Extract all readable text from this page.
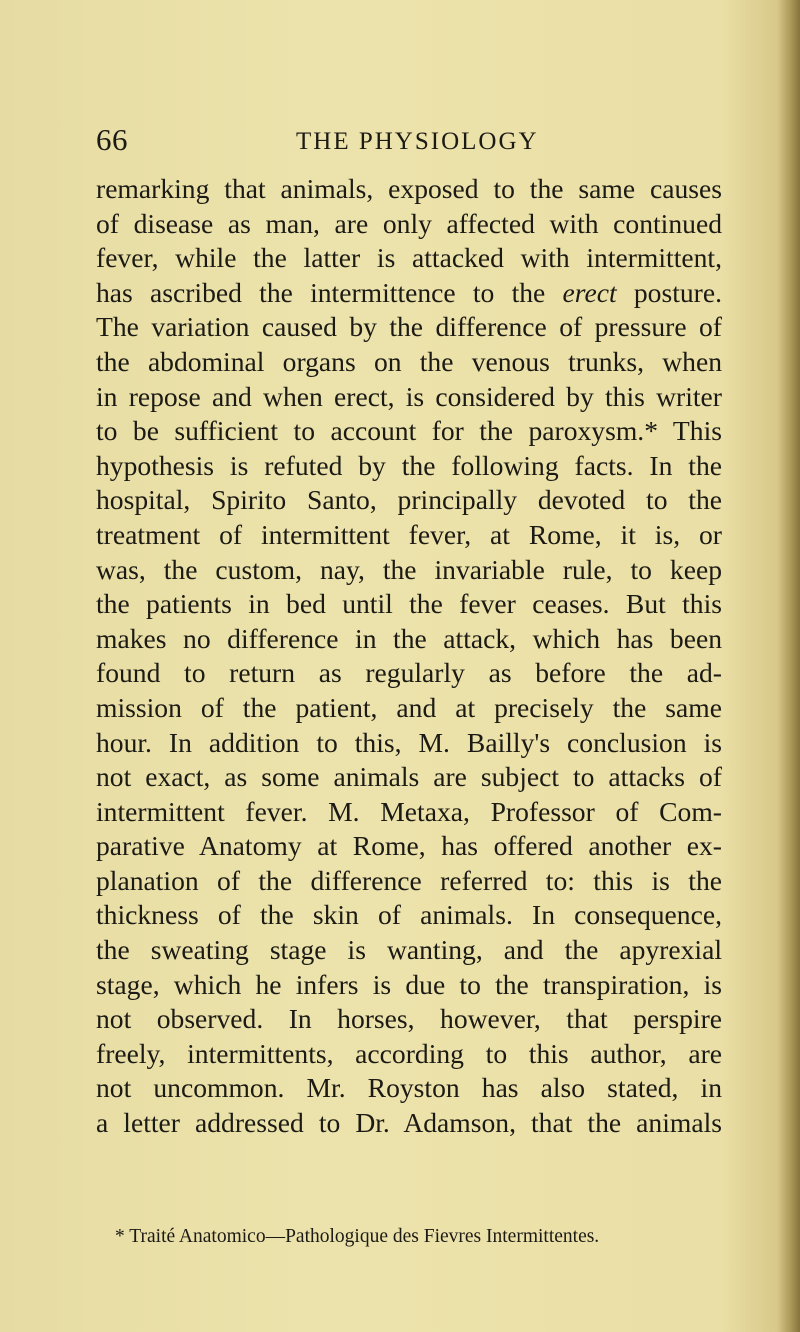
66	THE PHYSIOLOGY
remarking that animals, exposed to the same causes
of disease as man, are only affected with continued
fever, while the latter is attacked with intermittent,
has ascribed the intermittence to the erect posture.
The variation caused by the difference of pressure of
the abdominal organs on the venous trunks, when
in repose and when erect, is considered by this writer
to be sufficient to account for the paroxysm.* This
hypothesis is refuted by the following facts. In the
hospital, Spirito Santo, principally devoted to the
treatment of intermittent fever, at Rome, it is, or
was, the custom, nay, the invariable rule, to keep
the patients in bed until the fever ceases. But this
makes no difference in the attack, which has been
found to return as regularly as before the ad-
mission of the patient, and at precisely the same
hour. In addition to this, M. Bailly's conclusion is
not exact, as some animals are subject to attacks of
intermittent fever. M. Metaxa, Professor of Com-
parative Anatomy at Rome, has offered another ex-
planation of the difference referred to: this is the
thickness of the skin of animals. In consequence,
the sweating stage is wanting, and the apyrexial
stage, which he infers is due to the transpiration, is
not observed. In horses, however, that perspire
freely, intermittents, according to this author, are
not uncommon. Mr. Royston has also stated, in
a letter addressed to Dr. Adamson, that the animals
* Traité Anatomico—Pathologique des Fievres Intermittentes.
